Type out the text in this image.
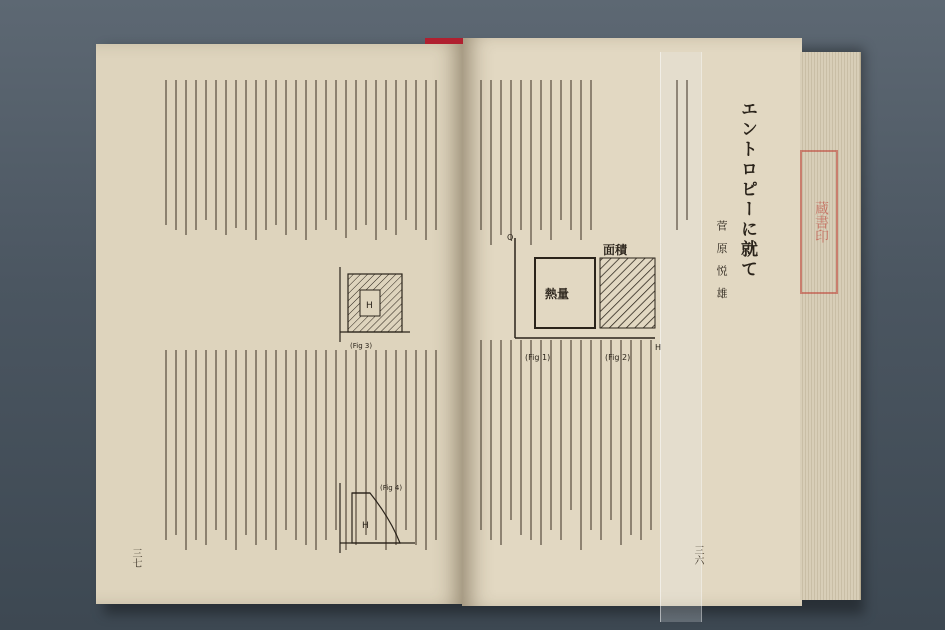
蔵書印
エントロピーに就て
菅 原 悦 雄
面積
熱量
Q
H
(Fig 1)	(Fig 2)
H
(Fig 3)
H
(Fig 4)
三六
三七
